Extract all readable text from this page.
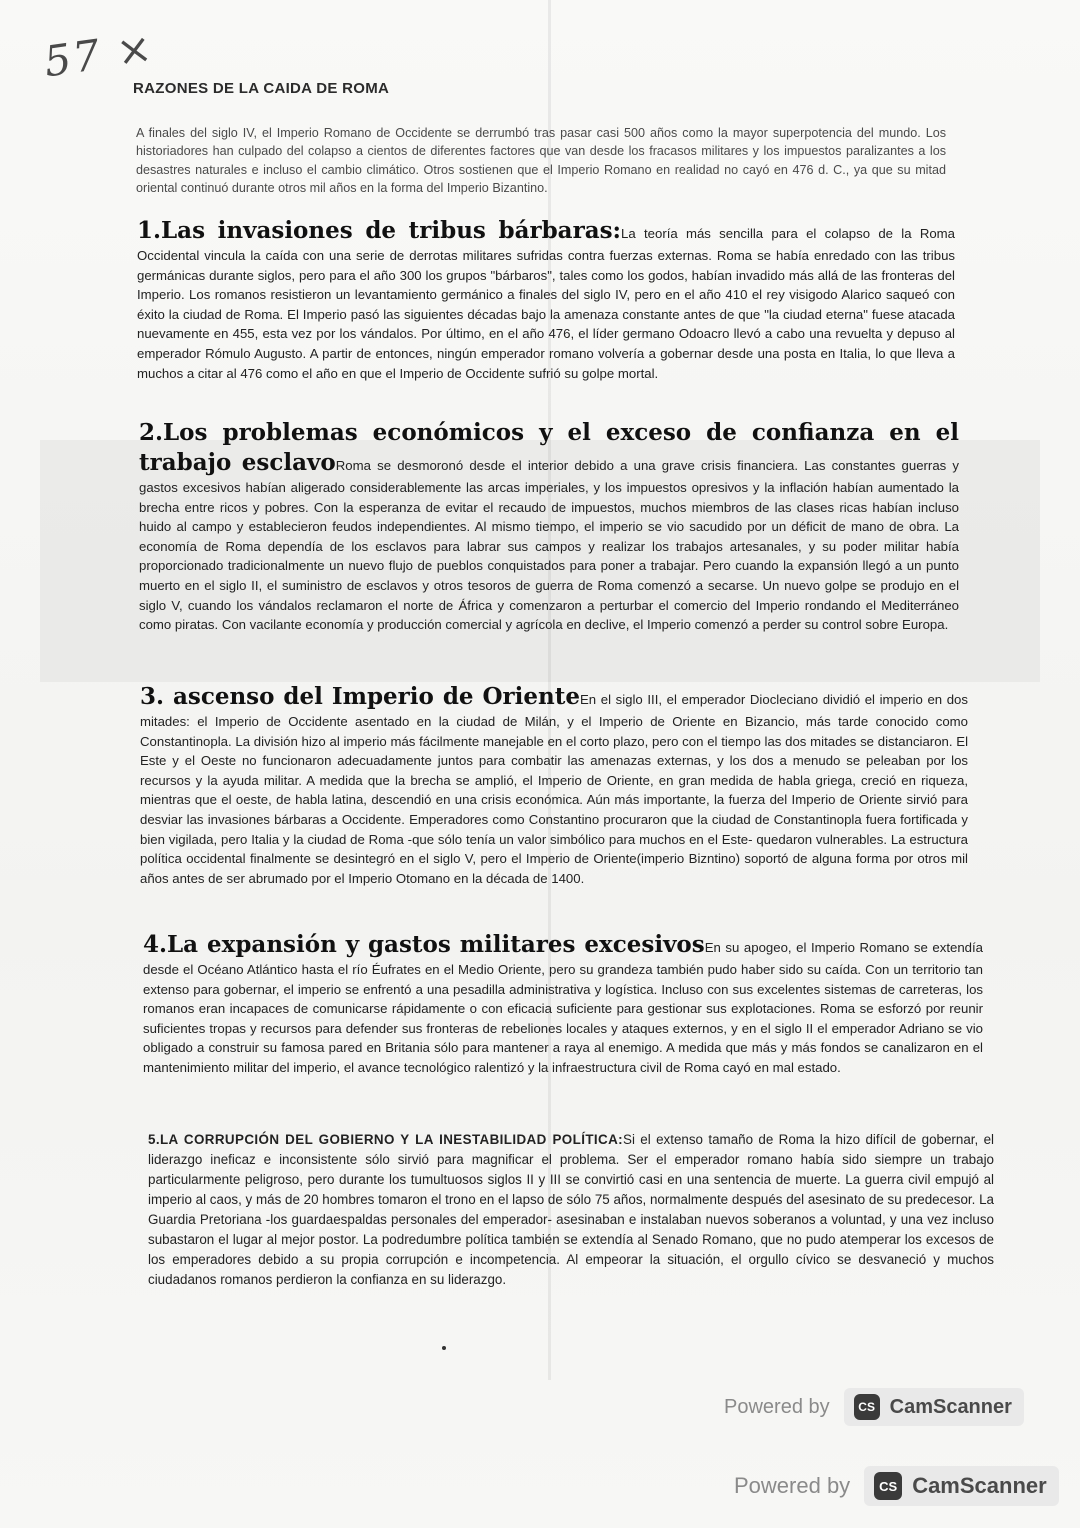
57 ×
RAZONES DE LA CAIDA DE ROMA

A finales del siglo IV, el Imperio Romano de Occidente se derrumbó tras pasar casi 500 años como la mayor superpotencia del mundo. Los historiadores han culpado del colapso a cientos de diferentes factores que van desde los fracasos militares y los impuestos paralizantes a los desastres naturales e incluso el cambio climático. Otros sostienen que el Imperio Romano en realidad no cayó en 476 d. C., ya que su mitad oriental continuó durante otros mil años en la forma del Imperio Bizantino.

1.Las invasiones de tribus bárbaras:La teoría más sencilla para el colapso de la Roma Occidental vincula la caída con una serie de derrotas militares sufridas contra fuerzas externas. Roma se había enredado con las tribus germánicas durante siglos, pero para el año 300 los grupos "bárbaros", tales como los godos, habían invadido más allá de las fronteras del Imperio. Los romanos resistieron un levantamiento germánico a finales del siglo IV, pero en el año 410 el rey visigodo Alarico saqueó con éxito la ciudad de Roma. El Imperio pasó las siguientes décadas bajo la amenaza constante antes de que "la ciudad eterna" fuese atacada nuevamente en 455, esta vez por los vándalos. Por último, en el año 476, el líder germano Odoacro llevó a cabo una revuelta y depuso al emperador Rómulo Augusto. A partir de entonces, ningún emperador romano volvería a gobernar desde una posta en Italia, lo que lleva a muchos a citar al 476 como el año en que el Imperio de Occidente sufrió su golpe mortal.

2.Los problemas económicos y el exceso de confianza en el trabajo esclavoRoma se desmoronó desde el interior debido a una grave crisis financiera. Las constantes guerras y gastos excesivos habían aligerado considerablemente las arcas imperiales, y los impuestos opresivos y la inflación habían aumentado la brecha entre ricos y pobres. Con la esperanza de evitar el recaudo de impuestos, muchos miembros de las clases ricas habían incluso huido al campo y establecieron feudos independientes. Al mismo tiempo, el imperio se vio sacudido por un déficit de mano de obra. La economía de Roma dependía de los esclavos para labrar sus campos y realizar los trabajos artesanales, y su poder militar había proporcionado tradicionalmente un nuevo flujo de pueblos conquistados para poner a trabajar. Pero cuando la expansión llegó a un punto muerto en el siglo II, el suministro de esclavos y otros tesoros de guerra de Roma comenzó a secarse. Un nuevo golpe se produjo en el siglo V, cuando los vándalos reclamaron el norte de África y comenzaron a perturbar el comercio del Imperio rondando el Mediterráneo como piratas. Con vacilante economía y producción comercial y agrícola en declive, el Imperio comenzó a perder su control sobre Europa.

3. ascenso del Imperio de OrienteEn el siglo III, el emperador Diocleciano dividió el imperio en dos mitades: el Imperio de Occidente asentado en la ciudad de Milán, y el Imperio de Oriente en Bizancio, más tarde conocido como Constantinopla. La división hizo al imperio más fácilmente manejable en el corto plazo, pero con el tiempo las dos mitades se distanciaron. El Este y el Oeste no funcionaron adecuadamente juntos para combatir las amenazas externas, y los dos a menudo se peleaban por los recursos y la ayuda militar. A medida que la brecha se amplió, el Imperio de Oriente, en gran medida de habla griega, creció en riqueza, mientras que el oeste, de habla latina, descendió en una crisis económica. Aún más importante, la fuerza del Imperio de Oriente sirvió para desviar las invasiones bárbaras a Occidente. Emperadores como Constantino procuraron que la ciudad de Constantinopla fuera fortificada y bien vigilada, pero Italia y la ciudad de Roma -que sólo tenía un valor simbólico para muchos en el Este- quedaron vulnerables. La estructura política occidental finalmente se desintegró en el siglo V, pero el Imperio de Oriente(imperio Bizntino) soportó de alguna forma por otros mil años antes de ser abrumado por el Imperio Otomano en la década de 1400.

4.La expansión y gastos militares excesivosEn su apogeo, el Imperio Romano se extendía desde el Océano Atlántico hasta el río Éufrates en el Medio Oriente, pero su grandeza también pudo haber sido su caída. Con un territorio tan extenso para gobernar, el imperio se enfrentó a una pesadilla administrativa y logística. Incluso con sus excelentes sistemas de carreteras, los romanos eran incapaces de comunicarse rápidamente o con eficacia suficiente para gestionar sus explotaciones. Roma se esforzó por reunir suficientes tropas y recursos para defender sus fronteras de rebeliones locales y ataques externos, y en el siglo II el emperador Adriano se vio obligado a construir su famosa pared en Britania sólo para mantener a raya al enemigo. A medida que más y más fondos se canalizaron en el mantenimiento militar del imperio, el avance tecnológico ralentizó y la infraestructura civil de Roma cayó en mal estado.

5.LA CORRUPCIÓN DEL GOBIERNO Y LA INESTABILIDAD POLÍTICA:Si el extenso tamaño de Roma la hizo difícil de gobernar, el liderazgo ineficaz e inconsistente sólo sirvió para magnificar el problema. Ser el emperador romano había sido siempre un trabajo particularmente peligroso, pero durante los tumultuosos siglos II y III se convirtió casi en una sentencia de muerte. La guerra civil empujó al imperio al caos, y más de 20 hombres tomaron el trono en el lapso de sólo 75 años, normalmente después del asesinato de su predecesor. La Guardia Pretoriana -los guardaespaldas personales del emperador- asesinaban e instalaban nuevos soberanos a voluntad, y una vez incluso subastaron el lugar al mejor postor. La podredumbre política también se extendía al Senado Romano, que no pudo atemperar los excesos de los emperadores debido a su propia corrupción e incompetencia. Al empeorar la situación, el orgullo cívico se desvaneció y muchos ciudadanos romanos perdieron la confianza en su liderazgo.

Powered by	CS CamScanner
Powered by	CS CamScanner
